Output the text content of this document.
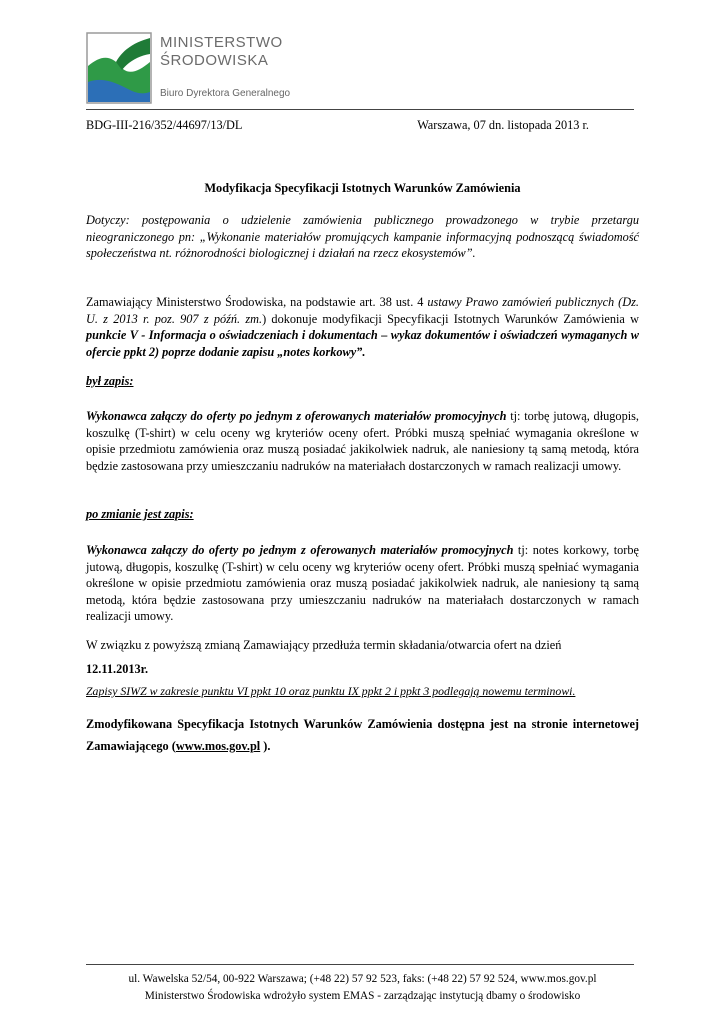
MINISTERSTWO
ŚRODOWISKA
Biuro Dyrektora Generalnego
BDG-III-216/352/44697/13/DL	Warszawa, 07 dn. listopada 2013 r.
Modyfikacja Specyfikacji Istotnych Warunków Zamówienia
Dotyczy: postępowania o udzielenie zamówienia publicznego prowadzonego w trybie przetargu nieograniczonego pn: „Wykonanie materiałów promujących kampanie informacyjną podnoszącą świadomość społeczeństwa nt. różnorodności biologicznej i działań na rzecz ekosystemów”.
Zamawiający Ministerstwo Środowiska, na podstawie art. 38 ust. 4 ustawy Prawo zamówień publicznych (Dz. U. z 2013 r. poz. 907 z późń. zm.) dokonuje modyfikacji Specyfikacji Istotnych Warunków Zamówienia w punkcie V - Informacja o oświadczeniach i dokumentach – wykaz dokumentów i oświadczeń wymaganych w ofercie ppkt 2) poprze dodanie zapisu „notes korkowy”.
był zapis:
Wykonawca załączy do oferty po jednym z oferowanych materiałów promocyjnych tj: torbę jutową, długopis, koszulkę (T-shirt) w celu oceny wg kryteriów oceny ofert. Próbki muszą spełniać wymagania określone w opisie przedmiotu zamówienia oraz muszą posiadać jakikolwiek nadruk, ale naniesiony tą samą metodą, która będzie zastosowana przy umieszczaniu nadruków na materiałach dostarczonych w ramach realizacji umowy.
po zmianie jest zapis:
Wykonawca załączy do oferty po jednym z oferowanych materiałów promocyjnych tj: notes korkowy, torbę jutową, długopis, koszulkę (T-shirt) w celu oceny wg kryteriów oceny ofert. Próbki muszą spełniać wymagania określone w opisie przedmiotu zamówienia oraz muszą posiadać jakikolwiek nadruk, ale naniesiony tą samą metodą, która będzie zastosowana przy umieszczaniu nadruków na materiałach dostarczonych w ramach realizacji umowy.
W związku z powyższą zmianą Zamawiający przedłuża termin składania/otwarcia ofert na dzień
12.11.2013r.
Zapisy SIWZ w zakresie punktu VI ppkt 10 oraz punktu IX ppkt 2 i ppkt 3 podlegają nowemu terminowi.
Zmodyfikowana Specyfikacja Istotnych Warunków Zamówienia dostępna jest na stronie internetowej Zamawiającego (www.mos.gov.pl ).
ul. Wawelska 52/54, 00-922 Warszawa; (+48 22) 57 92 523, faks: (+48 22) 57 92 524, www.mos.gov.pl
Ministerstwo Środowiska wdrożyło system EMAS - zarządzając instytucją dbamy o środowisko
